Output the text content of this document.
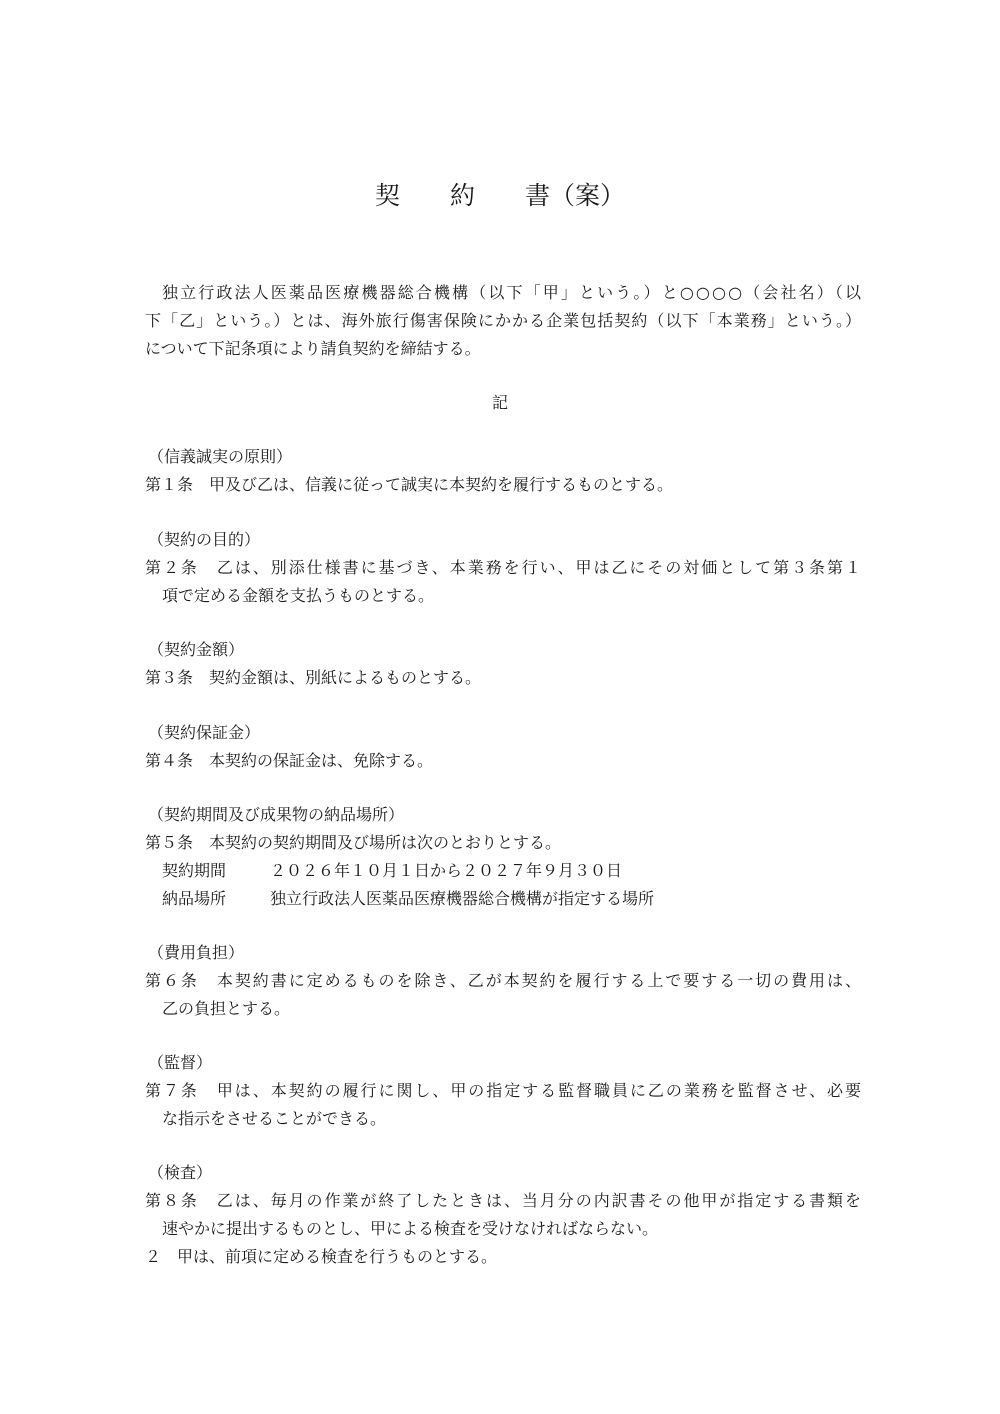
契　　約　　書（案）
独立行政法人医薬品医療機器総合機構（以下「甲」という。）と○○○○（会社名）（以
下「乙」という。）とは、海外旅行傷害保険にかかる企業包括契約（以下「本業務」という。）
について下記条項により請負契約を締結する。
記
（信義誠実の原則）
第１条　甲及び乙は、信義に従って誠実に本契約を履行するものとする。
（契約の目的）
第２条　乙は、別添仕様書に基づき、本業務を行い、甲は乙にその対価として第３条第１
項で定める金額を支払うものとする。
（契約金額）
第３条　契約金額は、別紙によるものとする。
（契約保証金）
第４条　本契約の保証金は、免除する。
（契約期間及び成果物の納品場所）
第５条　本契約の契約期間及び場所は次のとおりとする。
契約期間	２０２６年１０月１日から２０２７年９月３０日
納品場所	独立行政法人医薬品医療機器総合機構が指定する場所
（費用負担）
第６条　本契約書に定めるものを除き、乙が本契約を履行する上で要する一切の費用は、
乙の負担とする。
（監督）
第７条　甲は、本契約の履行に関し、甲の指定する監督職員に乙の業務を監督させ、必要
な指示をさせることができる。
（検査）
第８条　乙は、毎月の作業が終了したときは、当月分の内訳書その他甲が指定する書類を
速やかに提出するものとし、甲による検査を受けなければならない。
２　甲は、前項に定める検査を行うものとする。
